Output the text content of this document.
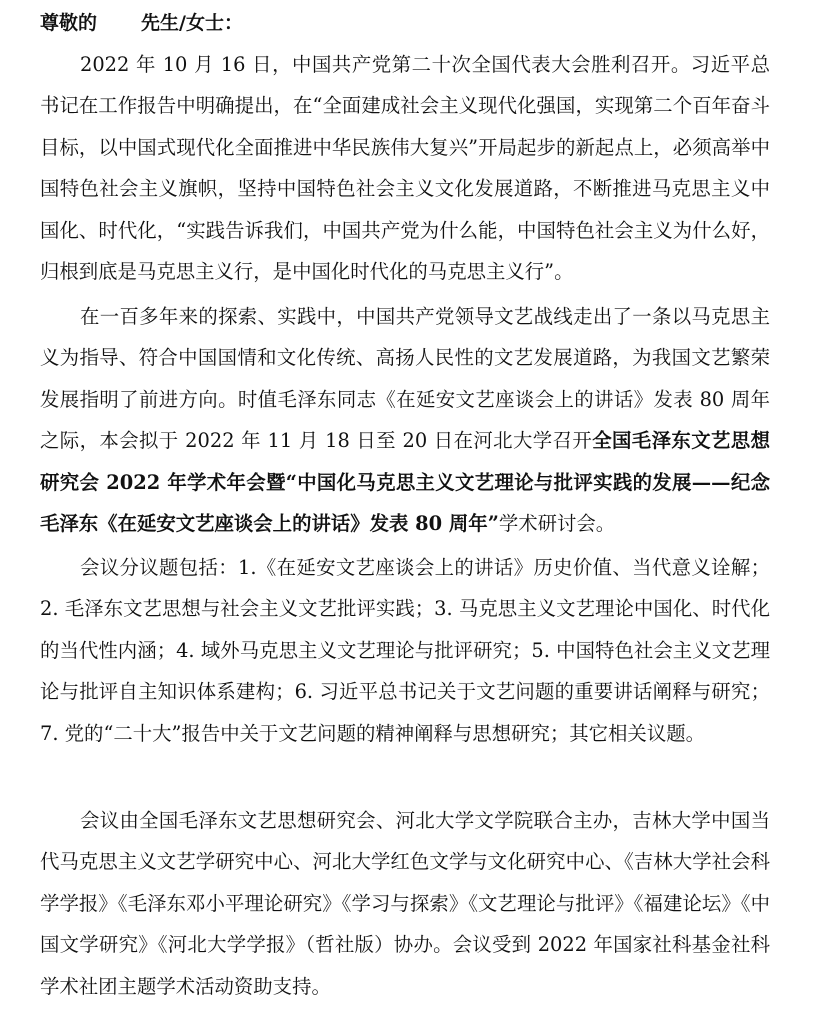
尊敬的 先生/女士：

2022 年 10 月 16 日，中国共产党第二十次全国代表大会胜利召开。习近平总书记在工作报告中明确提出，在“全面建成社会主义现代化强国，实现第二个百年奋斗目标，以中国式现代化全面推进中华民族伟大复兴”开局起步的新起点上，必须高举中国特色社会主义旗帜，坚持中国特色社会主义文化发展道路，不断推进马克思主义中国化、时代化，“实践告诉我们，中国共产党为什么能，中国特色社会主义为什么好，归根到底是马克思主义行，是中国化时代化的马克思主义行”。

在一百多年来的探索、实践中，中国共产党领导文艺战线走出了一条以马克思主义为指导、符合中国国情和文化传统、高扬人民性的文艺发展道路，为我国文艺繁荣发展指明了前进方向。时值毛泽东同志《在延安文艺座谈会上的讲话》发表 80 周年之际，本会拟于 2022 年 11 月 18 日至 20 日在河北大学召开全国毛泽东文艺思想研究会 2022 年学术年会暨“中国化马克思主义文艺理论与批评实践的发展——纪念毛泽东《在延安文艺座谈会上的讲话》发表 80 周年”学术研讨会。

会议分议题包括：1.《在延安文艺座谈会上的讲话》历史价值、当代意义诠解；2. 毛泽东文艺思想与社会主义文艺批评实践；3. 马克思主义文艺理论中国化、时代化的当代性内涵；4. 域外马克思主义文艺理论与批评研究；5. 中国特色社会主义文艺理论与批评自主知识体系建构；6. 习近平总书记关于文艺问题的重要讲话阐释与研究；7. 党的“二十大”报告中关于文艺问题的精神阐释与思想研究；其它相关议题。

会议由全国毛泽东文艺思想研究会、河北大学文学院联合主办，吉林大学中国当代马克思主义文艺学研究中心、河北大学红色文学与文化研究中心、《吉林大学社会科学学报》《毛泽东邓小平理论研究》《学习与探索》《文艺理论与批评》《福建论坛》《中国文学研究》《河北大学学报》（哲社版）协办。会议受到 2022 年国家社科基金社科学术社团主题学术活动资助支持。
